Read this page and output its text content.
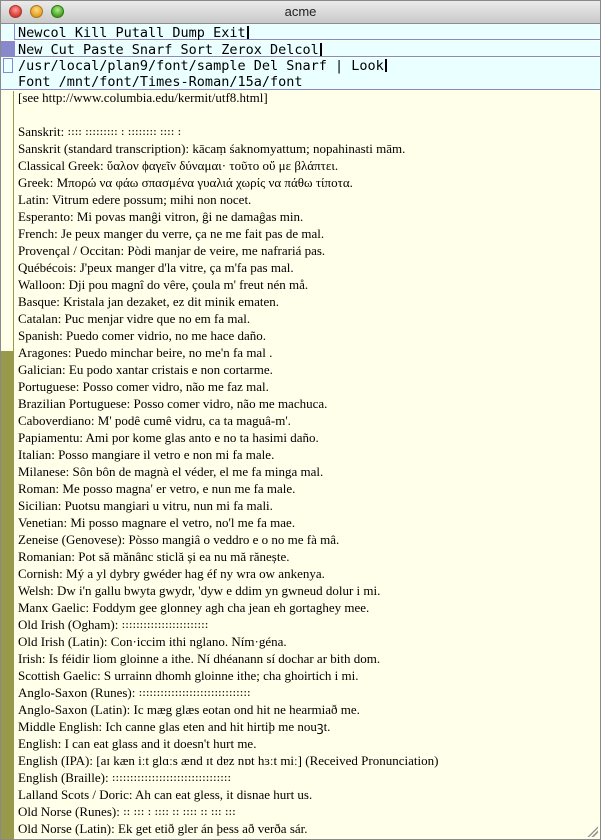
acme
Newcol Kill Putall Dump Exit
New Cut Paste Snarf Sort Zerox Delcol
/usr/local/plan9/font/sample Del Snarf | Look
Font /mnt/font/Times-Roman/15a/font
[see http://www.columbia.edu/kermit/utf8.html]
Sanskrit: ꞉꞉꞉꞉ ꞉꞉꞉꞉꞉꞉꞉꞉꞉ ꞉ ꞉꞉꞉꞉꞉꞉꞉꞉ ꞉꞉꞉꞉ ꞉
Sanskrit (standard transcription): kācaṃ śaknomyattum; nopahinasti mām.
Classical Greek: ὕαλον ϕαγεῖν δύναμαι· τοῦτο οὔ με βλάπτει.
Greek: Μπορώ να φάω σπασμένα γυαλιά χωρίς να πάθω τίποτα.
Latin: Vitrum edere possum; mihi non nocet.
Esperanto: Mi povas manĝi vitron, ĝi ne damaĝas min.
French: Je peux manger du verre, ça ne me fait pas de mal.
Provençal / Occitan: Pòdi manjar de veire, me nafrariá pas.
Québécois: J'peux manger d'la vitre, ça m'fa pas mal.
Walloon: Dji pou magnî do vêre, çoula m' freut nén må.
Basque: Kristala jan dezaket, ez dit minik ematen.
Catalan: Puc menjar vidre que no em fa mal.
Spanish: Puedo comer vidrio, no me hace daño.
Aragones: Puedo minchar beire, no me'n fa mal .
Galician: Eu podo xantar cristais e non cortarme.
Portuguese: Posso comer vidro, não me faz mal.
Brazilian Portuguese: Posso comer vidro, não me machuca.
Caboverdiano: M' podê cumê vidru, ca ta maguâ-m'.
Papiamentu: Ami por kome glas anto e no ta hasimi daño.
Italian: Posso mangiare il vetro e non mi fa male.
Milanese: Sôn bôn de magnà el véder, el me fa minga mal.
Roman: Me posso magna' er vetro, e nun me fa male.
Sicilian: Puotsu mangiari u vitru, nun mi fa mali.
Venetian: Mi posso magnare el vetro, no'l me fa mae.
Zeneise (Genovese): Pòsso mangiâ o veddro e o no me fà mâ.
Romanian: Pot să mănânc sticlă și ea nu mă rănește.
Cornish: Mý a yl dybry gwéder hag éf ny wra ow ankenya.
Welsh: Dw i'n gallu bwyta gwydr, 'dyw e ddim yn gwneud dolur i mi.
Manx Gaelic: Foddym gee glonney agh cha jean eh gortaghey mee.
Old Irish (Ogham): ꞉꞉꞉꞉꞉꞉꞉꞉꞉꞉꞉꞉꞉꞉꞉꞉꞉꞉꞉꞉꞉꞉꞉꞉
Old Irish (Latin): Con·iccim ithi nglano. Ním·géna.
Irish: Is féidir liom gloinne a ithe. Ní dhéanann sí dochar ar bith dom.
Scottish Gaelic: S urrainn dhomh gloinne ithe; cha ghoirtich i mi.
Anglo-Saxon (Runes): ꞉꞉꞉꞉꞉꞉꞉꞉꞉꞉꞉꞉꞉꞉꞉꞉꞉꞉꞉꞉꞉꞉꞉꞉꞉꞉꞉꞉꞉꞉꞉
Anglo-Saxon (Latin): Ic mæg glæs eotan ond hit ne hearmiað me.
Middle English: Ich canne glas eten and hit hirtiþ me nouꝫt.
English: I can eat glass and it doesn't hurt me.
English (IPA): [aɪ kæn iːt glɑːs ænd ɪt dɐz nɒt hɜːt miː] (Received Pronunciation)
English (Braille): ꞉꞉꞉꞉꞉꞉꞉꞉꞉꞉꞉꞉꞉꞉꞉꞉꞉꞉꞉꞉꞉꞉꞉꞉꞉꞉꞉꞉꞉꞉꞉꞉꞉
Lalland Scots / Doric: Ah can eat gless, it disnae hurt us.
Old Norse (Runes): ꞉꞉ ꞉꞉꞉ ꞉ ꞉꞉꞉꞉ ꞉꞉ ꞉꞉꞉꞉ ꞉꞉ ꞉꞉꞉ ꞉꞉꞉
Old Norse (Latin): Ek get etið gler án þess að verða sár.
